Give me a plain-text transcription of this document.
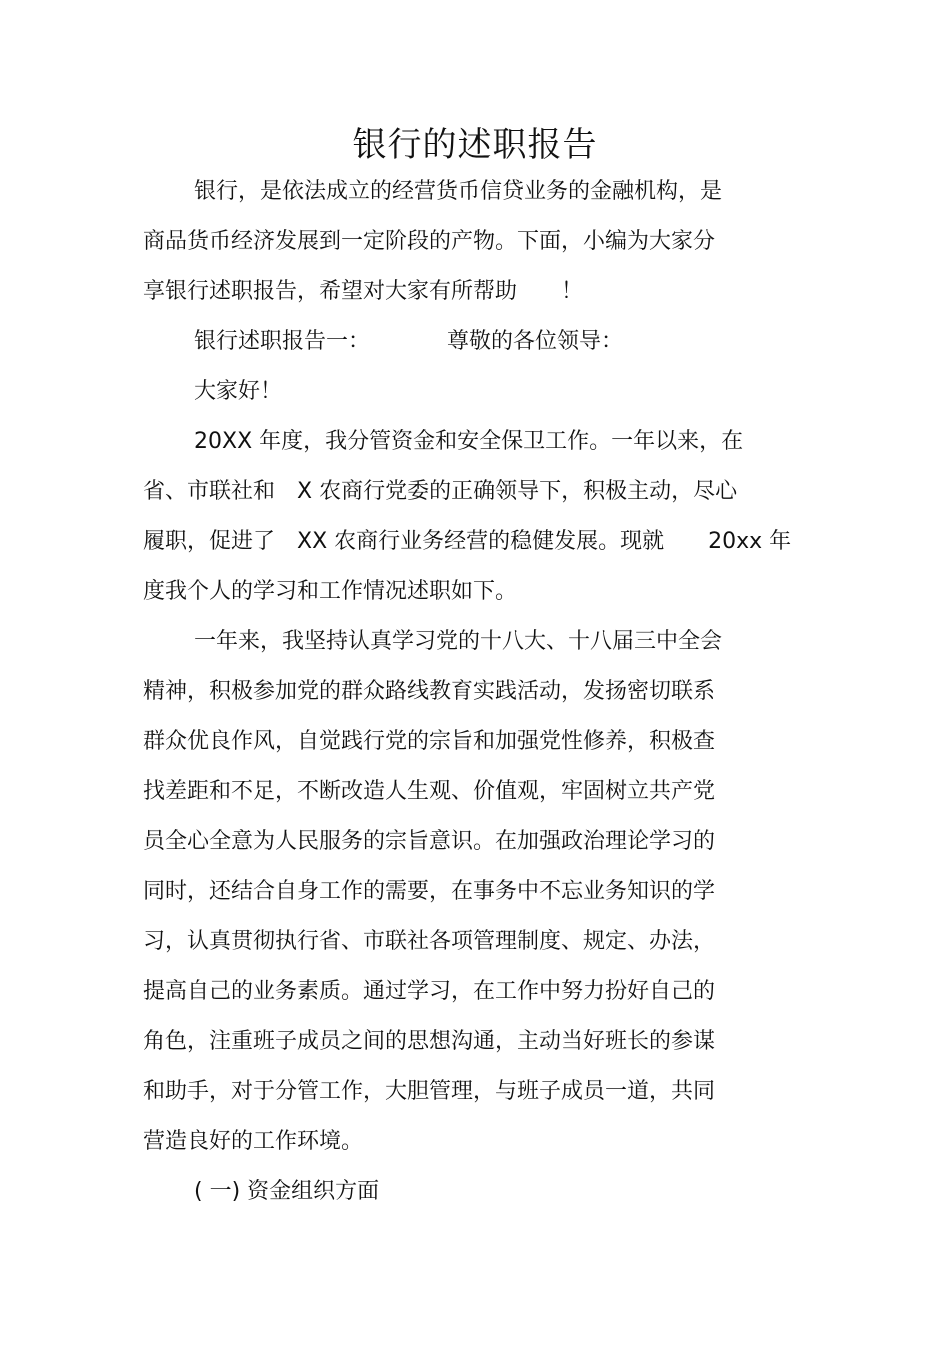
银行的述职报告
银行，是依法成立的经营货币信贷业务的金融机构，是
商品货币经济发展到一定阶段的产物。下面，小编为大家分
享银行述职报告，希望对大家有所帮助　　！
银行述职报告一：　　　　尊敬的各位领导：
大家好！
20XX 年度，我分管资金和安全保卫工作。一年以来，在
省、市联社和　X 农商行党委的正确领导下，积极主动，尽心
履职，促进了　XX 农商行业务经营的稳健发展。现就　　20xx 年
度我个人的学习和工作情况述职如下。
一年来，我坚持认真学习党的十八大、十八届三中全会
精神，积极参加党的群众路线教育实践活动，发扬密切联系
群众优良作风，自觉践行党的宗旨和加强党性修养，积极查
找差距和不足，不断改造人生观、价值观，牢固树立共产党
员全心全意为人民服务的宗旨意识。在加强政治理论学习的
同时，还结合自身工作的需要，在事务中不忘业务知识的学
习，认真贯彻执行省、市联社各项管理制度、规定、办法，
提高自己的业务素质。通过学习，在工作中努力扮好自己的
角色，注重班子成员之间的思想沟通，主动当好班长的参谋
和助手，对于分管工作，大胆管理，与班子成员一道，共同
营造良好的工作环境。
( 一) 资金组织方面
